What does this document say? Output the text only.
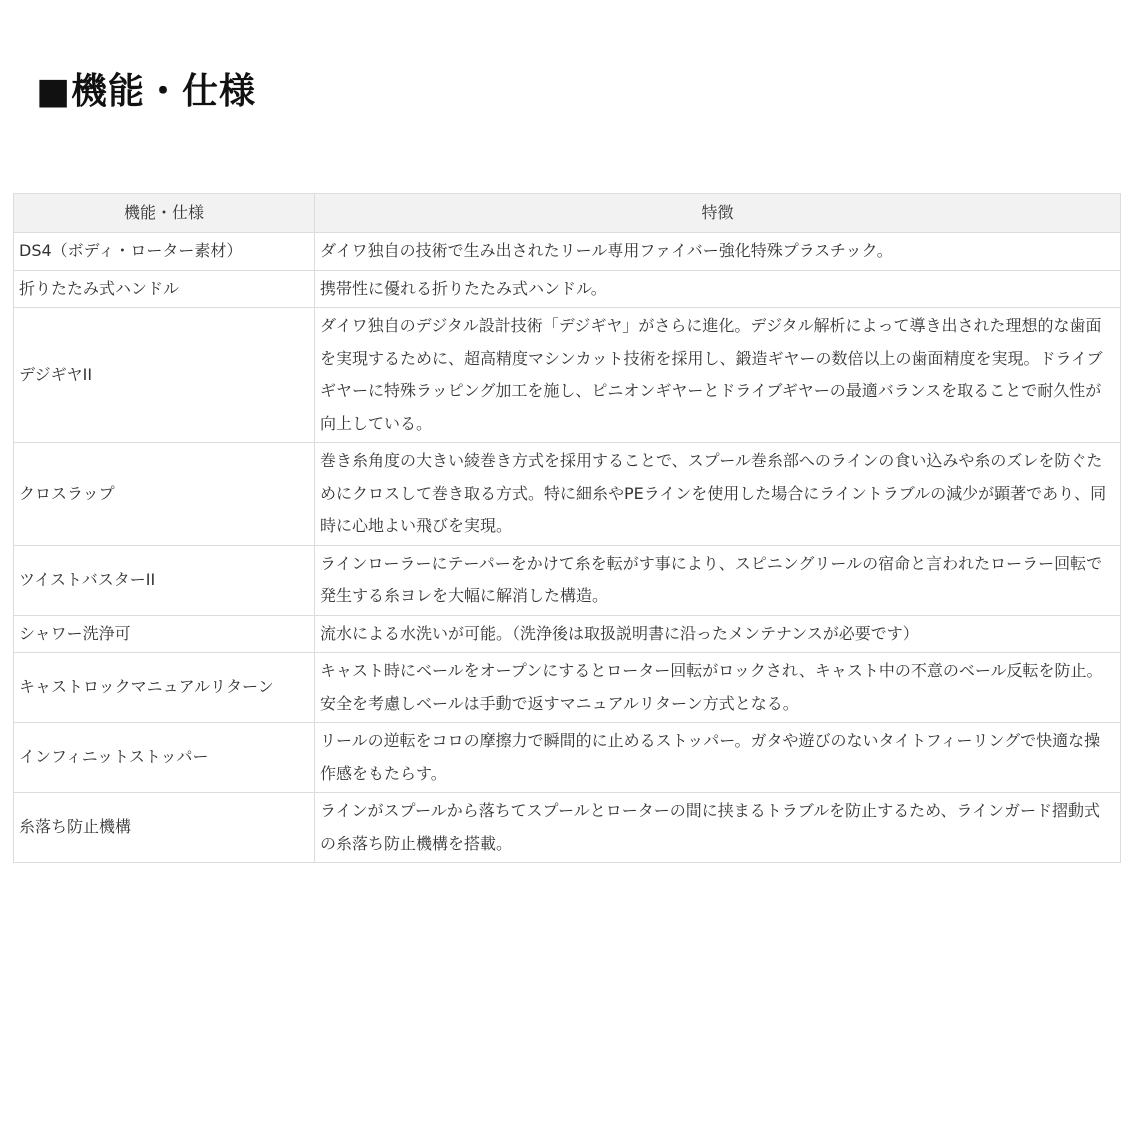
■機能・仕様
機能・仕様	特徴
DS4（ボディ・ローター素材）	ダイワ独自の技術で生み出されたリール専用ファイバー強化特殊プラスチック。
折りたたみ式ハンドル	携帯性に優れる折りたたみ式ハンドル。
デジギヤII	ダイワ独自のデジタル設計技術「デジギヤ」がさらに進化。デジタル解析によって導き出された理想的な歯面を実現するために、超高精度マシンカット技術を採用し、鍛造ギヤーの数倍以上の歯面精度を実現。ドライブギヤーに特殊ラッピング加工を施し、ピニオンギヤーとドライブギヤーの最適バランスを取ることで耐久性が向上している。
クロスラップ	巻き糸角度の大きい綾巻き方式を採用することで、スプール巻糸部へのラインの食い込みや糸のズレを防ぐためにクロスして巻き取る方式。特に細糸やPEラインを使用した場合にライントラブルの減少が顕著であり、同時に心地よい飛びを実現。
ツイストバスターII	ラインローラーにテーパーをかけて糸を転がす事により、スピニングリールの宿命と言われたローラー回転で発生する糸ヨレを大幅に解消した構造。
シャワー洗浄可	流水による水洗いが可能。（洗浄後は取扱説明書に沿ったメンテナンスが必要です）
キャストロックマニュアルリターン	キャスト時にベールをオープンにするとローター回転がロックされ、キャスト中の不意のベール反転を防止。安全を考慮しベールは手動で返すマニュアルリターン方式となる。
インフィニットストッパー	リールの逆転をコロの摩擦力で瞬間的に止めるストッパー。ガタや遊びのないタイトフィーリングで快適な操作感をもたらす。
糸落ち防止機構	ラインがスプールから落ちてスプールとローターの間に挟まるトラブルを防止するため、ラインガード摺動式の糸落ち防止機構を搭載。
